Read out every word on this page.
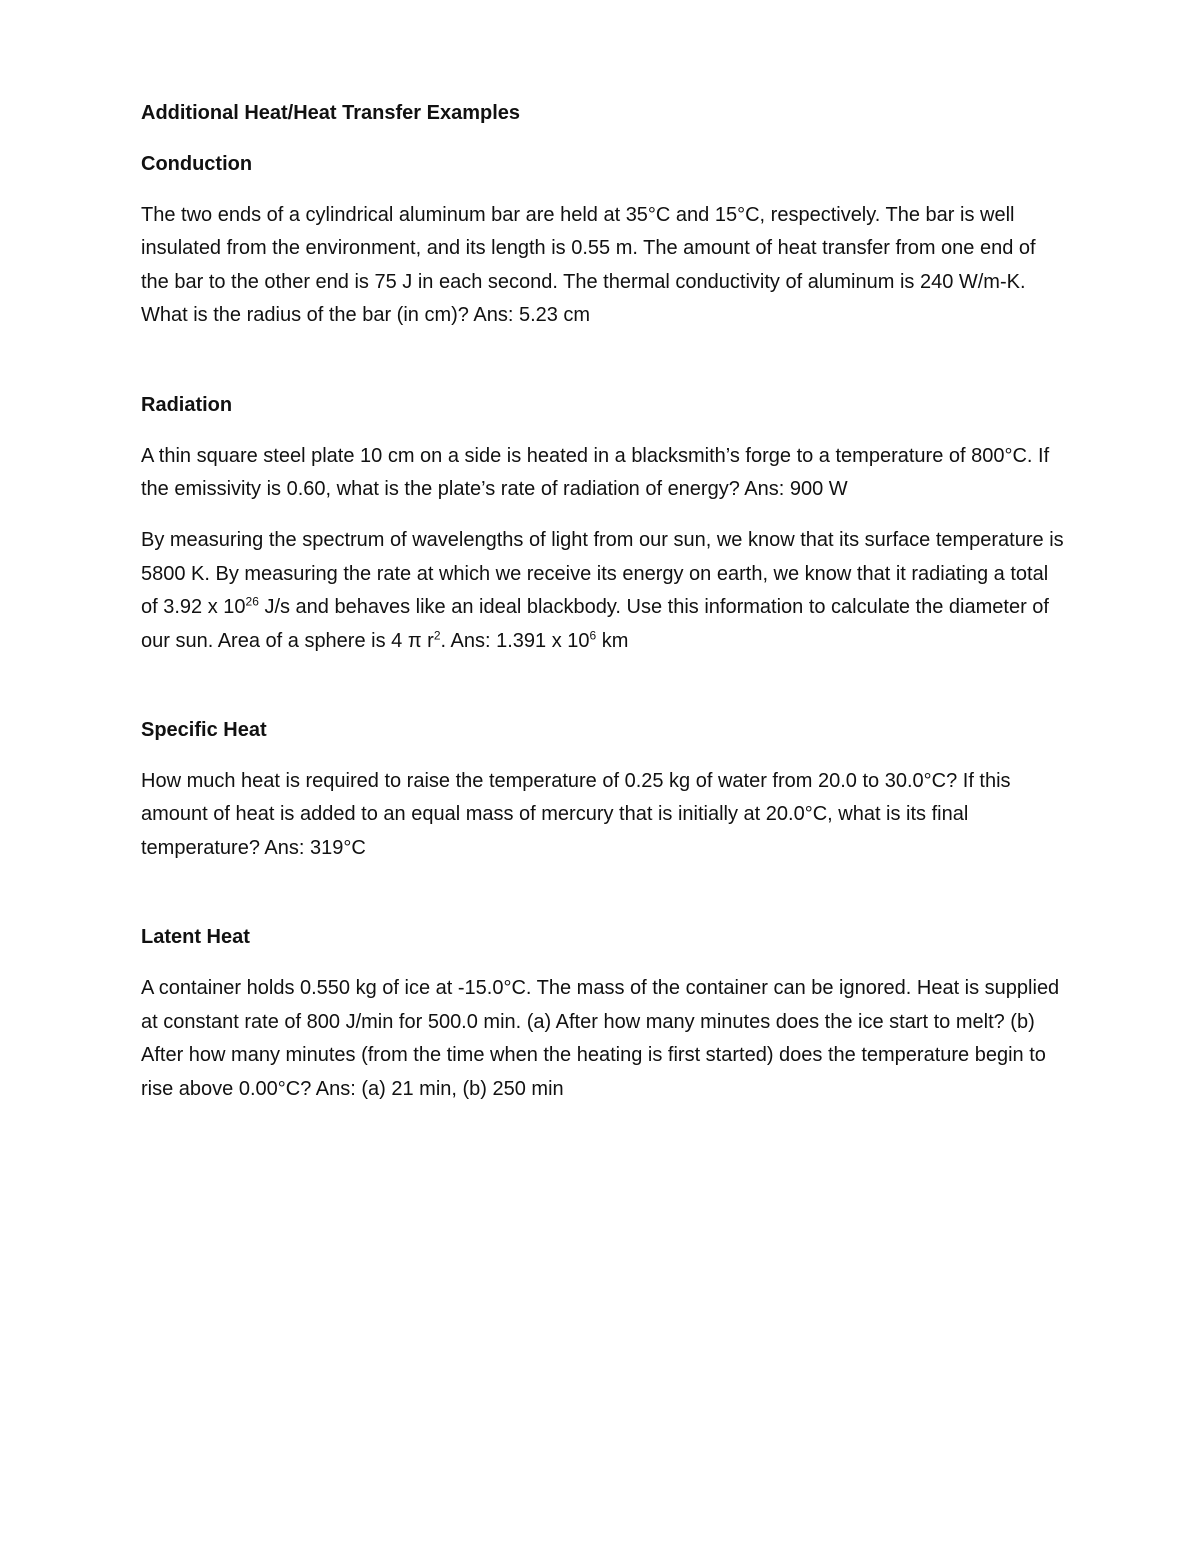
Additional Heat/Heat Transfer Examples
Conduction

The two ends of a cylindrical aluminum bar are held at 35°C and 15°C, respectively. The bar is well insulated from the environment, and its length is 0.55 m. The amount of heat transfer from one end of the bar to the other end is 75 J in each second. The thermal conductivity of aluminum is 240 W/m-K. What is the radius of the bar (in cm)? Ans: 5.23 cm

Radiation

A thin square steel plate 10 cm on a side is heated in a blacksmith’s forge to a temperature of 800°C. If the emissivity is 0.60, what is the plate’s rate of radiation of energy? Ans: 900 W

By measuring the spectrum of wavelengths of light from our sun, we know that its surface temperature is 5800 K. By measuring the rate at which we receive its energy on earth, we know that it radiating a total of 3.92 x $10^{26}$ J/s and behaves like an ideal blackbody. Use this information to calculate the diameter of our sun. Area of a sphere is 4 π $r^2$. Ans: 1.391 x $10^6$ km

Specific Heat

How much heat is required to raise the temperature of 0.25 kg of water from 20.0 to 30.0°C? If this amount of heat is added to an equal mass of mercury that is initially at 20.0°C, what is its final temperature? Ans: 319°C

Latent Heat

A container holds 0.550 kg of ice at -15.0°C. The mass of the container can be ignored. Heat is supplied at constant rate of 800 J/min for 500.0 min. (a) After how many minutes does the ice start to melt? (b) After how many minutes (from the time when the heating is first started) does the temperature begin to rise above 0.00°C? Ans: (a) 21 min, (b) 250 min
